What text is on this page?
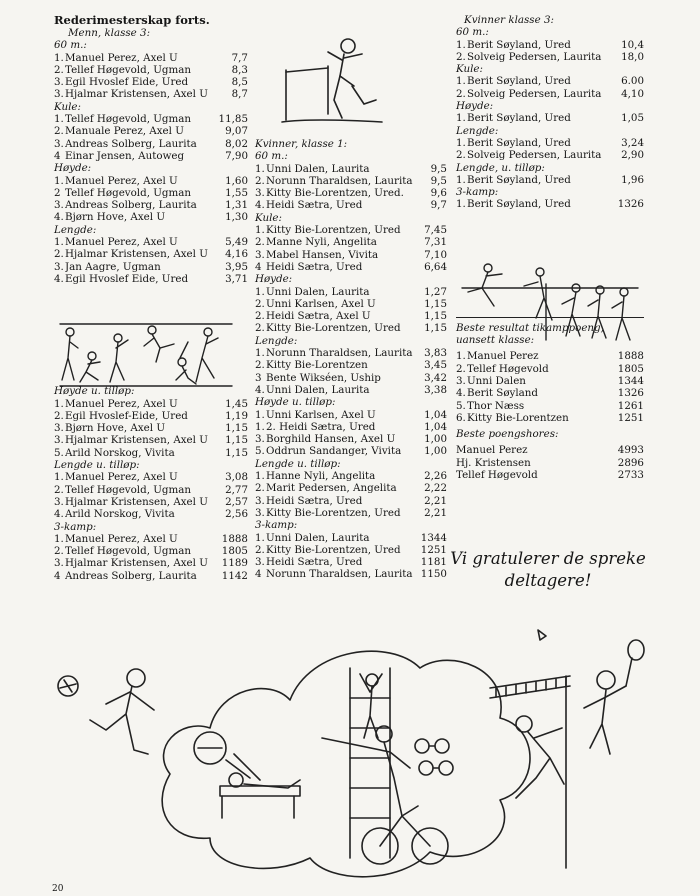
Rederimesterskap forts.
Menn, klasse 3:
60 m.:
1. Manuel Perez, Axel U	7,7
2. Tellef Høgevold, Ugman	8,3
3. Egil Hvoslef Eide, Ured	8,5
3. Hjalmar Kristensen, Axel U	8,7
Kule:
1. Tellef Høgevold, Ugman	11,85
2. Manuale Perez, Axel U	9,07
3. Andreas Solberg, Laurita	8,02
4 Einar Jensen, Autoweg	7,90
Høyde:
1. Manuel Perez, Axel U	1,60
2 Tellef Høgevold, Ugman	1,55
3. Andreas Solberg, Laurita	1,31
4. Bjørn Hove, Axel U	1,30
Lengde:
1. Manuel Perez, Axel U	5,49
2. Hjalmar Kristensen, Axel U	4,16
3. Jan Aagre, Ugman	3,95
4. Egil Hvoslef Eide, Ured	3,71
Høyde u. tilløp:
1. Manuel Perez, Axel U	1,45
2. Egil Hvoslef-Eide, Ured	1,19
3. Bjørn Hove, Axel U	1,15
3. Hjalmar Kristensen, Axel U	1,15
5. Arild Norskog, Vivita	1,15
Lengde u. tilløp:
1. Manuel Perez, Axel U	3,08
2. Tellef Høgevold, Ugman	2,77
3. Hjalmar Kristensen, Axel U	2,57
4. Arild Norskog, Vivita	2,56
3-kamp:
1. Manuel Perez, Axel U	1888
2. Tellef Høgevold, Ugman	1805
3. Hjalmar Kristensen, Axel U	1189
4 Andreas Solberg, Laurita	1142
Kvinner, klasse 1:
60 m.:
1. Unni Dalen, Laurita	9,5
2. Norunn Tharaldsen, Laurita	9,5
3. Kitty Bie-Lorentzen, Ured.	9,6
4. Heidi Sætra, Ured	9,7
Kule:
1. Kitty Bie-Lorentzen, Ured	7,45
2. Manne Nyli, Angelita	7,31
3. Mabel Hansen, Vivita	7,10
4 Heidi Sætra, Ured	6,64
Høyde:
1. Unni Dalen, Laurita	1,27
2. Unni Karlsen, Axel U	1,15
2. Heidi Sætra, Axel U	1,15
2. Kitty Bie-Lorentzen, Ured	1,15
Lengde:
1. Norunn Tharaldsen, Laurita	3,83
2. Kitty Bie-Lorentzen	3,45
3 Bente Wikséen, Uship	3,42
4. Unni Dalen, Laurita	3,38
Høyde u. tilløp:
1. Unni Karlsen, Axel U	1,04
1. 2. Heidi Sætra, Ured	1,04
3. Borghild Hansen, Axel U	1,00
5. Oddrun Sandanger, Vivita	1,00
Lengde u. tilløp:
1. Hanne Nyli, Angelita	2,26
2. Marit Pedersen, Angelita	2,22
3. Heidi Sætra, Ured	2,21
3. Kitty Bie-Lorentzen, Ured	2,21
3-kamp:
1. Unni Dalen, Laurita	1344
2. Kitty Bie-Lorentzen, Ured	1251
3. Heidi Sætra, Ured	1181
4 Norunn Tharaldsen, Laurita 1150
Kvinner klasse 3:
60 m.:
1. Berit Søyland, Ured	10,4
2. Solveig Pedersen, Laurita	18,0
Kule:
1. Berit Søyland, Ured	6.00
2. Solveig Pedersen, Laurita	4,10
Høyde:
1. Berit Søyland, Ured	1,05
Lengde:
1. Berit Søyland, Ured	3,24
2. Solveig Pedersen, Laurita	2,90
Lengde, u. tilløp:
1. Berit Søyland, Ured	1,96
3-kamp:
1. Berit Søyland, Ured	1326
Beste resultat tikamppoeng, uansett klasse:
1. Manuel Perez	1888
2. Tellef Høgevold	1805
3. Unni Dalen	1344
4. Berit Søyland	1326
5. Thor Næss	1261
6. Kitty Bie-Lorentzen	1251
Beste poengshores:
Manuel Perez	4993
Hj. Kristensen	2896
Tellef Høgevold	2733
Vi gratulerer de spreke
deltagere!
20
